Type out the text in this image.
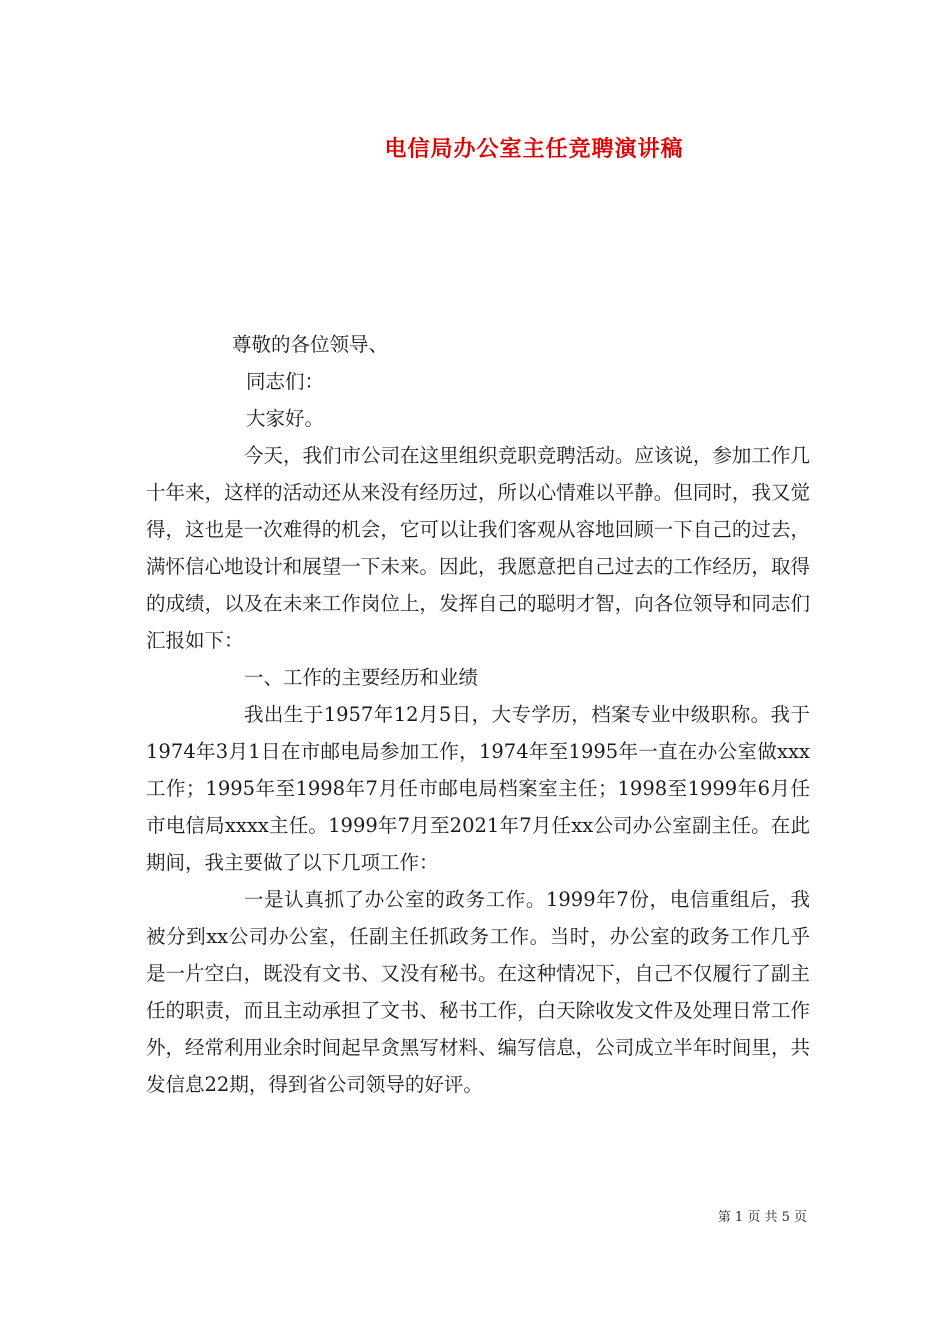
电信局办公室主任竞聘演讲稿

尊敬的各位领导、

同志们：

大家好。

今天，我们市公司在这里组织竞职竞聘活动。应该说，参加工作几十年来，这样的活动还从来没有经历过，所以心情难以平静。但同时，我又觉得，这也是一次难得的机会，它可以让我们客观从容地回顾一下自己的过去，满怀信心地设计和展望一下未来。因此，我愿意把自己过去的工作经历，取得的成绩，以及在未来工作岗位上，发挥自己的聪明才智，向各位领导和同志们汇报如下：

一、工作的主要经历和业绩

我出生于1957年12月5日，大专学历，档案专业中级职称。我于1974年3月1日在市邮电局参加工作，1974年至1995年一直在办公室做xxx工作；1995年至1998年7月任市邮电局档案室主任；1998至1999年6月任市电信局xxxx主任。1999年7月至2021年7月任xx公司办公室副主任。在此期间，我主要做了以下几项工作：

一是认真抓了办公室的政务工作。1999年7份，电信重组后，我被分到xx公司办公室，任副主任抓政务工作。当时，办公室的政务工作几乎是一片空白，既没有文书、又没有秘书。在这种情况下，自己不仅履行了副主任的职责，而且主动承担了文书、秘书工作，白天除收发文件及处理日常工作外，经常利用业余时间起早贪黑写材料、编写信息，公司成立半年时间里，共发信息22期，得到省公司领导的好评。

第 1 页 共 5 页
